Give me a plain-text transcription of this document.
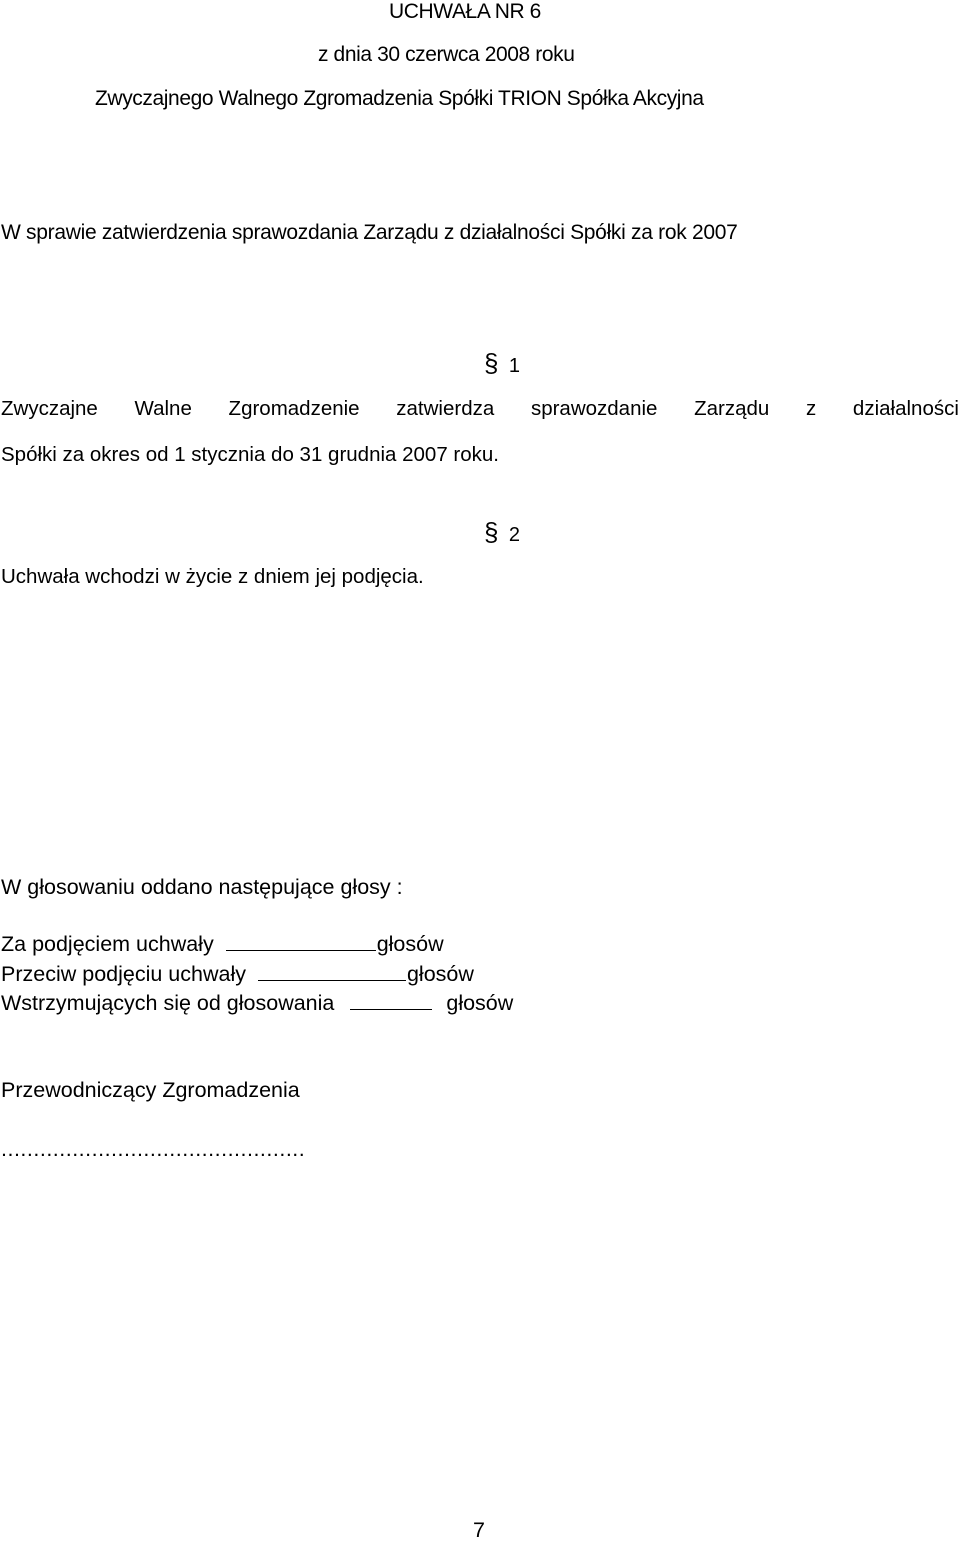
UCHWAŁA NR 6
z dnia 30 czerwca 2008 roku
Zwyczajnego Walnego Zgromadzenia Spółki TRION Spółka Akcyjna
W sprawie zatwierdzenia sprawozdania Zarządu z działalności Spółki za rok 2007
§ 1
Zwyczajne Walne Zgromadzenie zatwierdza sprawozdanie Zarządu z działalności
Spółki za okres od 1 stycznia do 31 grudnia 2007 roku.
§ 2
Uchwała wchodzi w życie z dniem jej podjęcia.
W głosowaniu oddano następujące głosy :
Za podjęciem uchwały	głosów
Przeciw podjęciu uchwały	głosów
Wstrzymujących się od głosowania	głosów
Przewodniczący Zgromadzenia
...............................................
7
